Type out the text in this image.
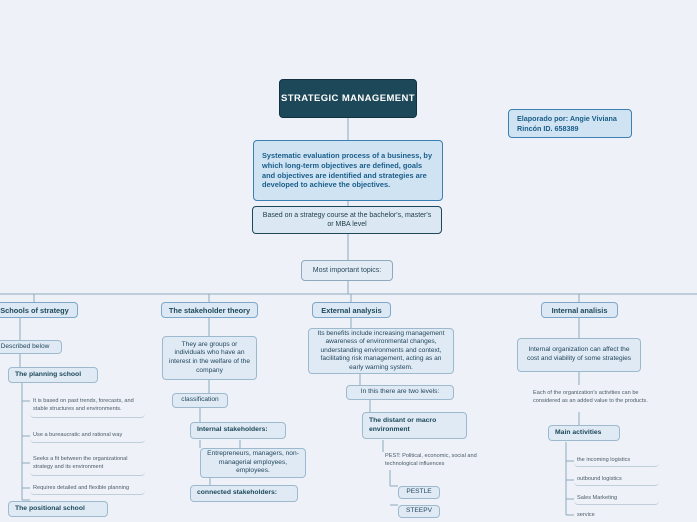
STRATEGIC MANAGEMENT
Elaporado por: Angie Viviana Rincón ID. 658389
Systematic evaluation process of a business, by which long-term objectives are defined, goals and objectives are identified and strategies are developed to achieve the objectives.
Based on a strategy course at the bachelor's, master's or MBA level
Most important topics:
Schools of strategy
Described below
The planning school
It is based on past trends, forecasts, and stable structures and environments.
Use a bureaucratic and rational way
Seeks a fit between the organizational strategy and its environment
Requires detailed and flexible planning
The positional school
The stakeholder theory
They are groups or individuals who have an interest in the welfare of the company
classification
Internal stakeholders:
Entrepreneurs, managers, non-managerial employees, employees.
connected stakeholders:
External analysis
Its benefits include increasing management awareness of environmental changes, understanding environments and context, facilitating risk management, acting as an early warning system.
In this there are two levels:
The distant or macro environment
PEST: Political, economic, social and technological influences
PESTLE
STEEPV
Internal analisis
Internal organization can affect the cost and viability of some strategies
Each of the organization's activities can be considered as an added value to the products.
Main activities
the incoming logistics
outbound logistics
Sales Marketing
service
